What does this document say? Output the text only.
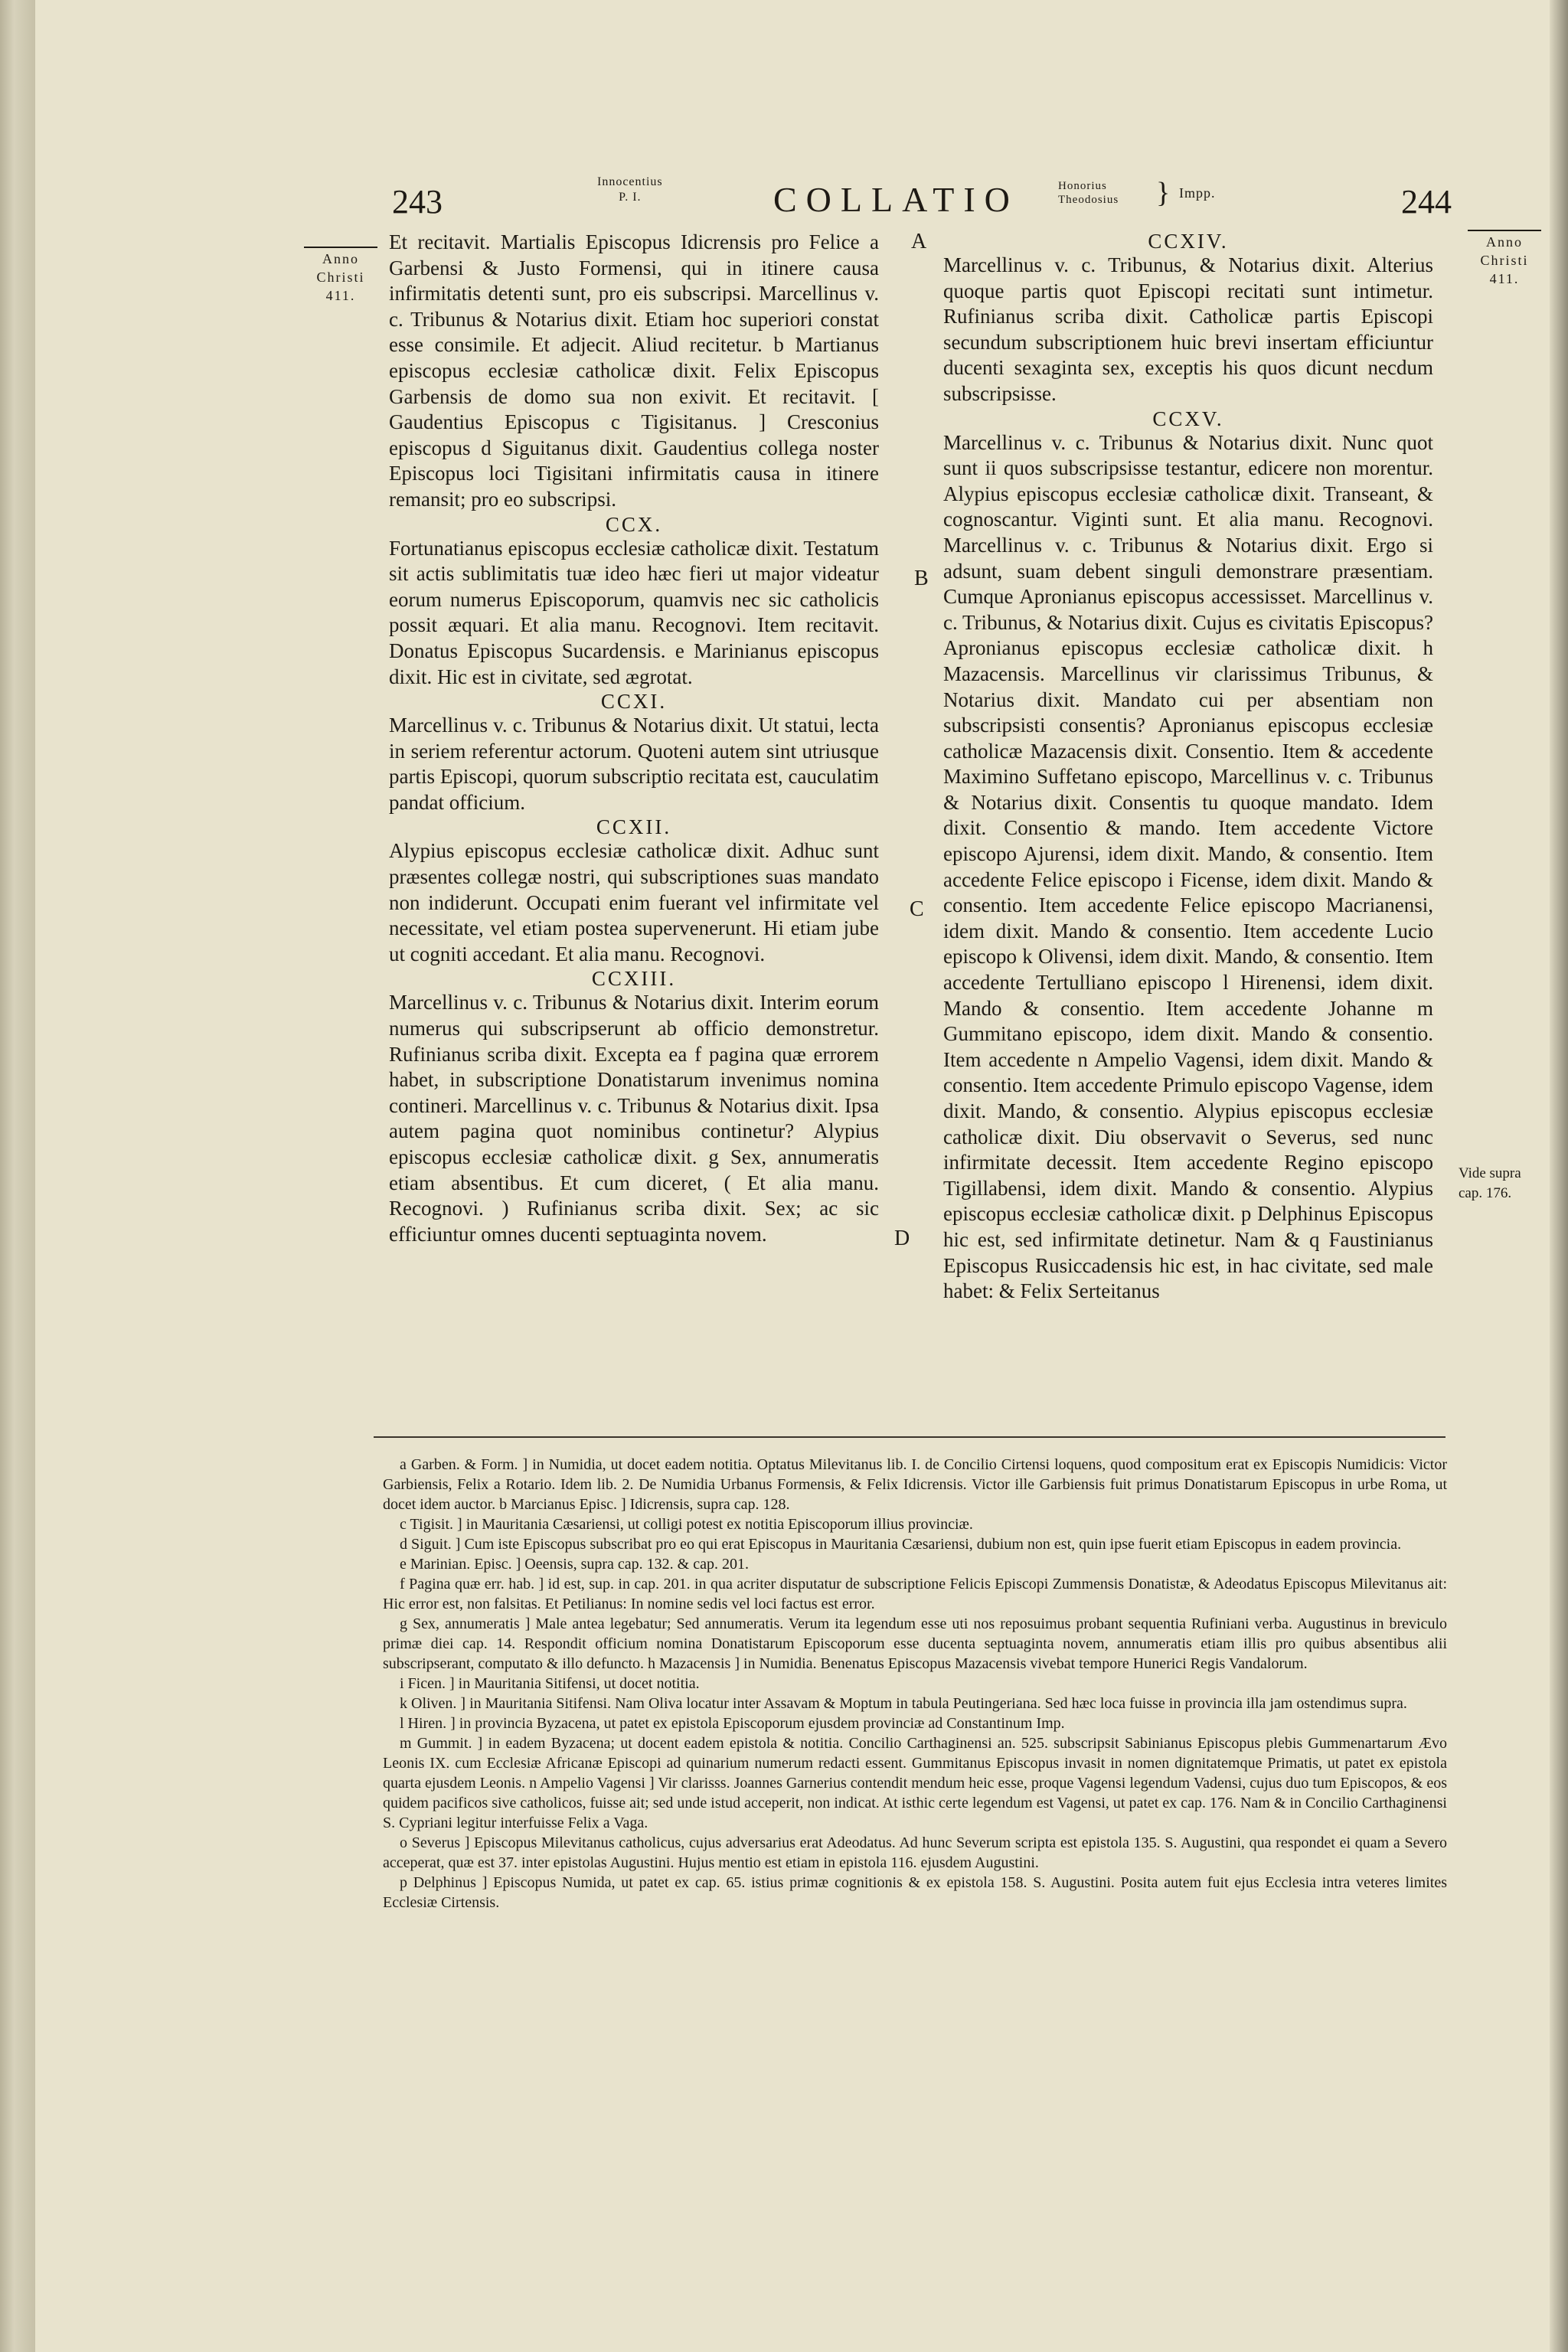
243
Innocentius
P. I.	COLLATIO	Honorius
Theodosius } Impp.	244
Anno
Christi
411.
Anno
Christi
411.
A
B
C
D
Vide supra
cap. 176.

Et recitavit. Martialis Episcopus Idicrensis pro Felice a Garbensi & Justo Formensi, qui in itinere causa infirmitatis detenti sunt, pro eis subscripsi. Marcellinus v. c. Tribunus & Notarius dixit. Etiam hoc superiori constat esse consimile. Et adjecit. Aliud recitetur. b Martianus episcopus ecclesiæ catholicæ dixit. Felix Episcopus Garbensis de domo sua non exivit. Et recitavit. [ Gaudentius Episcopus c Tigisitanus. ] Cresconius episcopus d Siguitanus dixit. Gaudentius collega noster Episcopus loci Tigisitani infirmitatis causa in itinere remansit; pro eo subscripsi.

CCX.

Fortunatianus episcopus ecclesiæ catholicæ dixit. Testatum sit actis sublimitatis tuæ ideo hæc fieri ut major videatur eorum numerus Episcoporum, quamvis nec sic catholicis possit æquari. Et alia manu. Recognovi. Item recitavit. Donatus Episcopus Sucardensis. e Marinianus episcopus dixit. Hic est in civitate, sed ægrotat.

CCXI.

Marcellinus v. c. Tribunus & Notarius dixit. Ut statui, lecta in seriem referentur actorum. Quoteni autem sint utriusque partis Episcopi, quorum subscriptio recitata est, cauculatim pandat officium.

CCXII.

Alypius episcopus ecclesiæ catholicæ dixit. Adhuc sunt præsentes collegæ nostri, qui subscriptiones suas mandato non indiderunt. Occupati enim fuerant vel infirmitate vel necessitate, vel etiam postea supervenerunt. Hi etiam jube ut cogniti accedant. Et alia manu. Recognovi.

CCXIII.

Marcellinus v. c. Tribunus & Notarius dixit. Interim eorum numerus qui subscripserunt ab officio demonstretur. Rufinianus scriba dixit. Excepta ea f pagina quæ errorem habet, in subscriptione Donatistarum invenimus nomina contineri. Marcellinus v. c. Tribunus & Notarius dixit. Ipsa autem pagina quot nominibus continetur? Alypius episcopus ecclesiæ catholicæ dixit. g Sex, annumeratis etiam absentibus. Et cum diceret, ( Et alia manu. Recognovi. ) Rufinianus scriba dixit. Sex; ac sic efficiuntur omnes ducenti septuaginta novem.

CCXIV.

Marcellinus v. c. Tribunus, & Notarius dixit. Alterius quoque partis quot Episcopi recitati sunt intimetur. Rufinianus scriba dixit. Catholicæ partis Episcopi secundum subscriptionem huic brevi insertam efficiuntur ducenti sexaginta sex, exceptis his quos dicunt necdum subscripsisse.

CCXV.

Marcellinus v. c. Tribunus & Notarius dixit. Nunc quot sunt ii quos subscripsisse testantur, edicere non morentur. Alypius episcopus ecclesiæ catholicæ dixit. Transeant, & cognoscantur. Viginti sunt. Et alia manu. Recognovi. Marcellinus v. c. Tribunus & Notarius dixit. Ergo si adsunt, suam debent singuli demonstrare præsentiam. Cumque Apronianus episcopus accessisset. Marcellinus v. c. Tribunus, & Notarius dixit. Cujus es civitatis Episcopus? Apronianus episcopus ecclesiæ catholicæ dixit. h Mazacensis. Marcellinus vir clarissimus Tribunus, & Notarius dixit. Mandato cui per absentiam non subscripsisti consentis? Apronianus episcopus ecclesiæ catholicæ Mazacensis dixit. Consentio. Item & accedente Maximino Suffetano episcopo, Marcellinus v. c. Tribunus & Notarius dixit. Consentis tu quoque mandato. Idem dixit. Consentio & mando. Item accedente Victore episcopo Ajurensi, idem dixit. Mando, & consentio. Item accedente Felice episcopo i Ficense, idem dixit. Mando & consentio. Item accedente Felice episcopo Macrianensi, idem dixit. Mando & consentio. Item accedente Lucio episcopo k Olivensi, idem dixit. Mando, & consentio. Item accedente Tertulliano episcopo l Hirenensi, idem dixit. Mando & consentio. Item accedente Johanne m Gummitano episcopo, idem dixit. Mando & consentio. Item accedente n Ampelio Vagensi, idem dixit. Mando & consentio. Item accedente Primulo episcopo Vagense, idem dixit. Mando, & consentio. Alypius episcopus ecclesiæ catholicæ dixit. Diu observavit o Severus, sed nunc infirmitate decessit. Item accedente Regino episcopo Tigillabensi, idem dixit. Mando & consentio. Alypius episcopus ecclesiæ catholicæ dixit. p Delphinus Episcopus hic est, sed infirmitate detinetur. Nam & q Faustinianus Episcopus Rusiccadensis hic est, in hac civitate, sed male habet: & Felix Serteitanus

a Garben. & Form. ] in Numidia, ut docet eadem notitia. Optatus Milevitanus lib. I. de Concilio Cirtensi loquens, quod compositum erat ex Episcopis Numidicis: Victor Garbiensis, Felix a Rotario. Idem lib. 2. De Numidia Urbanus Formensis, & Felix Idicrensis. Victor ille Garbiensis fuit primus Donatistarum Episcopus in urbe Roma, ut docet idem auctor. b Marcianus Episc. ] Idicrensis, supra cap. 128.

c Tigisit. ] in Mauritania Cæsariensi, ut colligi potest ex notitia Episcoporum illius provinciæ.

d Siguit. ] Cum iste Episcopus subscribat pro eo qui erat Episcopus in Mauritania Cæsariensi, dubium non est, quin ipse fuerit etiam Episcopus in eadem provincia.

e Marinian. Episc. ] Oeensis, supra cap. 132. & cap. 201.

f Pagina quæ err. hab. ] id est, sup. in cap. 201. in qua acriter disputatur de subscriptione Felicis Episcopi Zummensis Donatistæ, & Adeodatus Episcopus Milevitanus ait: Hic error est, non falsitas. Et Petilianus: In nomine sedis vel loci factus est error.

g Sex, annumeratis ] Male antea legebatur; Sed annumeratis. Verum ita legendum esse uti nos reposuimus probant sequentia Rufiniani verba. Augustinus in breviculo primæ diei cap. 14. Respondit officium nomina Donatistarum Episcoporum esse ducenta septuaginta novem, annumeratis etiam illis pro quibus absentibus alii subscripserant, computato & illo defuncto. h Mazacensis ] in Numidia. Benenatus Episcopus Mazacensis vivebat tempore Hunerici Regis Vandalorum.

i Ficen. ] in Mauritania Sitifensi, ut docet notitia.

k Oliven. ] in Mauritania Sitifensi. Nam Oliva locatur inter Assavam & Moptum in tabula Peutingeriana. Sed hæc loca fuisse in provincia illa jam ostendimus supra.

l Hiren. ] in provincia Byzacena, ut patet ex epistola Episcoporum ejusdem provinciæ ad Constantinum Imp.

m Gummit. ] in eadem Byzacena; ut docent eadem epistola & notitia. Concilio Carthaginensi an. 525. subscripsit Sabinianus Episcopus plebis Gummenartarum Ævo Leonis IX. cum Ecclesiæ Africanæ Episcopi ad quinarium numerum redacti essent. Gummitanus Episcopus invasit in nomen dignitatemque Primatis, ut patet ex epistola quarta ejusdem Leonis. n Ampelio Vagensi ] Vir clarisss. Joannes Garnerius contendit mendum heic esse, proque Vagensi legendum Vadensi, cujus duo tum Episcopos, & eos quidem pacificos sive catholicos, fuisse ait; sed unde istud acceperit, non indicat. At isthic certe legendum est Vagensi, ut patet ex cap. 176. Nam & in Concilio Carthaginensi S. Cypriani legitur interfuisse Felix a Vaga.

o Severus ] Episcopus Milevitanus catholicus, cujus adversarius erat Adeodatus. Ad hunc Severum scripta est epistola 135. S. Augustini, qua respondet ei quam a Severo acceperat, quæ est 37. inter epistolas Augustini. Hujus mentio est etiam in epistola 116. ejusdem Augustini.

p Delphinus ] Episcopus Numida, ut patet ex cap. 65. istius primæ cognitionis & ex epistola 158. S. Augustini. Posita autem fuit ejus Ecclesia intra veteres limites Ecclesiæ Cirtensis.
